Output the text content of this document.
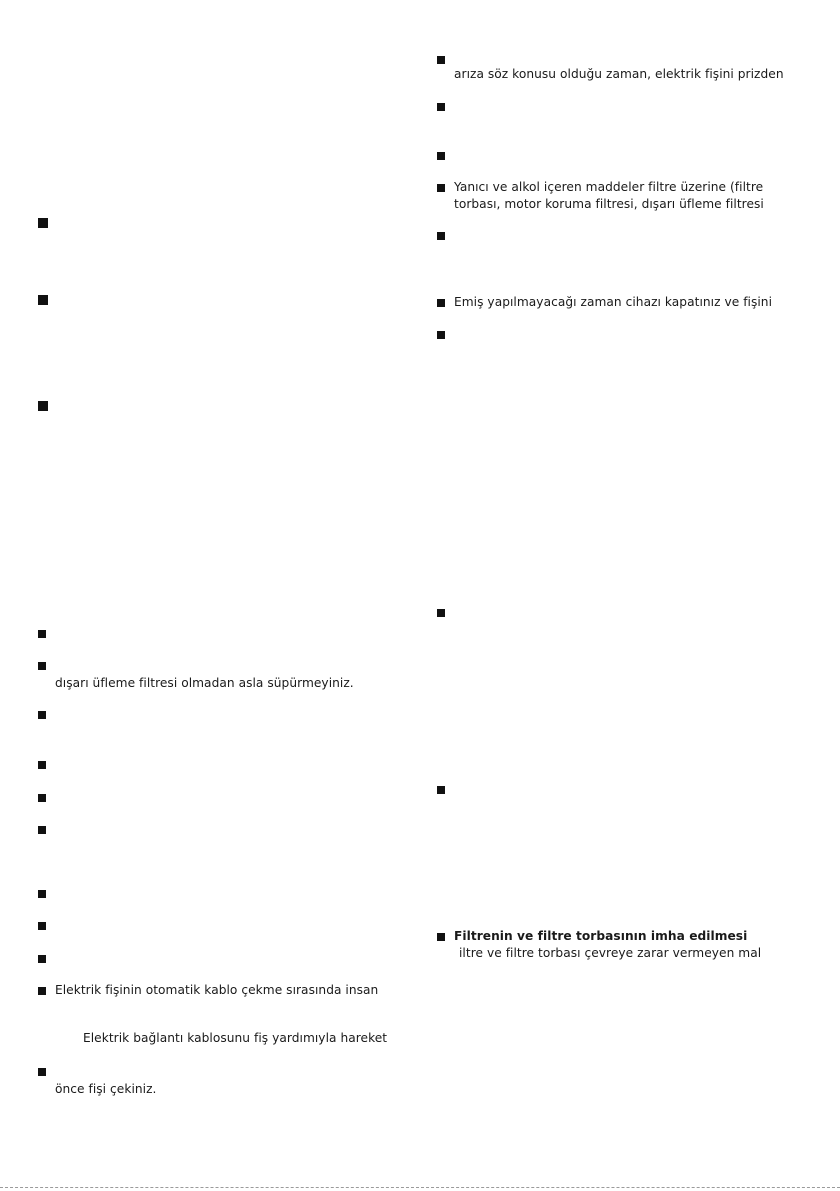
arıza söz konusu olduğu zaman, elektrik fişini prizden
Yanıcı ve alkol içeren maddeler filtre üzerine (filtre
torbası, motor koruma filtresi, dışarı üfleme filtresi
Emiş yapılmayacağı zaman cihazı kapatınız ve fişini
Filtrenin ve filtre torbasının imha edilmesi
iltre ve filtre torbası çevreye zarar vermeyen mal
dışarı üfleme filtresi olmadan asla süpürmeyiniz.
Elektrik fişinin otomatik kablo çekme sırasında insan
Elektrik bağlantı kablosunu fiş yardımıyla hareket
önce fişi çekiniz.
